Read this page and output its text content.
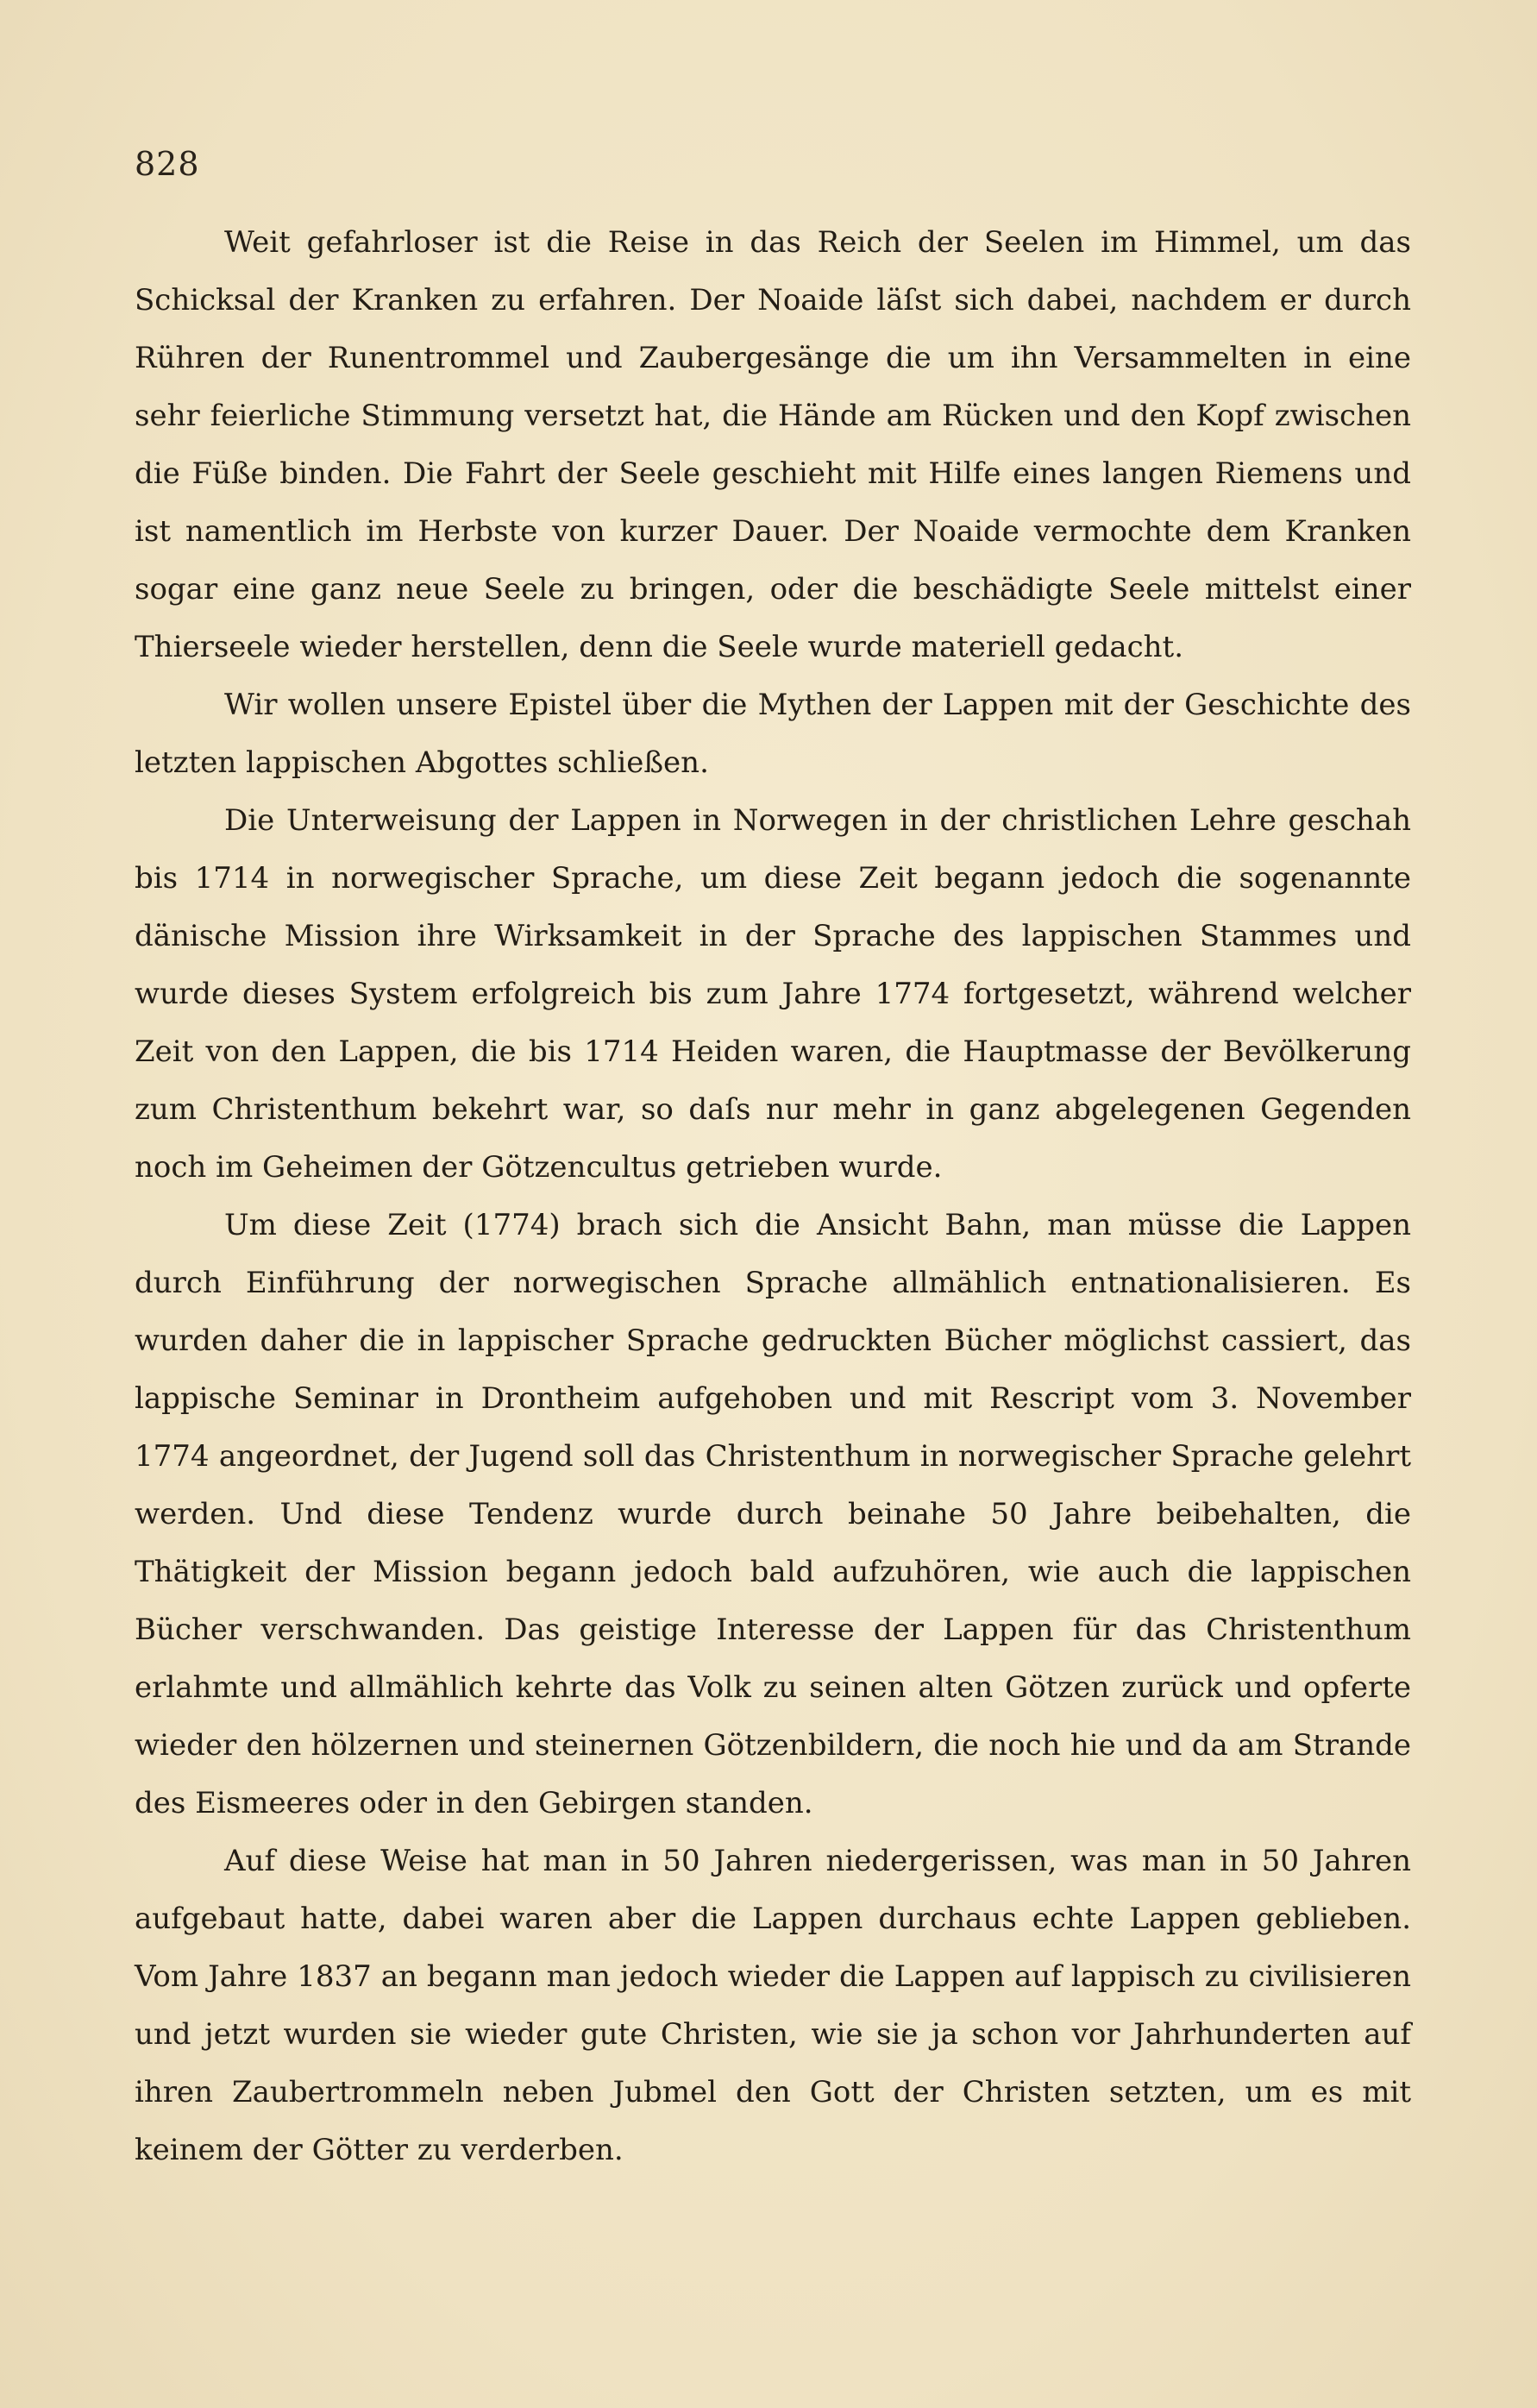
828

Weit gefahrloser ist die Reise in das Reich der Seelen im Himmel, um das Schicksal der Kranken zu erfahren. Der Noaide läſst sich dabei, nachdem er durch Rühren der Runentrommel und Zaubergesänge die um ihn Versammelten in eine sehr feierliche Stimmung versetzt hat, die Hände am Rücken und den Kopf zwischen die Füße binden. Die Fahrt der Seele geschieht mit Hilfe eines langen Riemens und ist namentlich im Herbste von kurzer Dauer. Der Noaide vermochte dem Kranken sogar eine ganz neue Seele zu bringen, oder die beschädigte Seele mittelst einer Thierseele wieder herstellen, denn die Seele wurde materiell gedacht.

Wir wollen unsere Epistel über die Mythen der Lappen mit der Geschichte des letzten lappischen Abgottes schließen.

Die Unterweisung der Lappen in Norwegen in der christlichen Lehre geschah bis 1714 in norwegischer Sprache, um diese Zeit begann jedoch die sogenannte dänische Mission ihre Wirksamkeit in der Sprache des lappischen Stammes und wurde dieses System erfolgreich bis zum Jahre 1774 fortgesetzt, während welcher Zeit von den Lappen, die bis 1714 Heiden waren, die Hauptmasse der Bevölkerung zum Christenthum bekehrt war, so daſs nur mehr in ganz abgelegenen Gegenden noch im Geheimen der Götzencultus getrieben wurde.

Um diese Zeit (1774) brach sich die Ansicht Bahn, man müsse die Lappen durch Einführung der norwegischen Sprache allmählich entnationalisieren. Es wurden daher die in lappischer Sprache gedruckten Bücher möglichst cassiert, das lappische Seminar in Drontheim aufgehoben und mit Rescript vom 3. November 1774 angeordnet, der Jugend soll das Christenthum in norwegischer Sprache gelehrt werden. Und diese Tendenz wurde durch beinahe 50 Jahre beibehalten, die Thätigkeit der Mission begann jedoch bald aufzuhören, wie auch die lappischen Bücher verschwanden. Das geistige Interesse der Lappen für das Christenthum erlahmte und allmählich kehrte das Volk zu seinen alten Götzen zurück und opferte wieder den hölzernen und steinernen Götzenbildern, die noch hie und da am Strande des Eismeeres oder in den Gebirgen standen.

Auf diese Weise hat man in 50 Jahren niedergerissen, was man in 50 Jahren aufgebaut hatte, dabei waren aber die Lappen durchaus echte Lappen geblieben. Vom Jahre 1837 an begann man jedoch wieder die Lappen auf lappisch zu civilisieren und jetzt wurden sie wieder gute Christen, wie sie ja schon vor Jahrhunderten auf ihren Zaubertrommeln neben Jubmel den Gott der Christen setzten, um es mit keinem der Götter zu verderben.
